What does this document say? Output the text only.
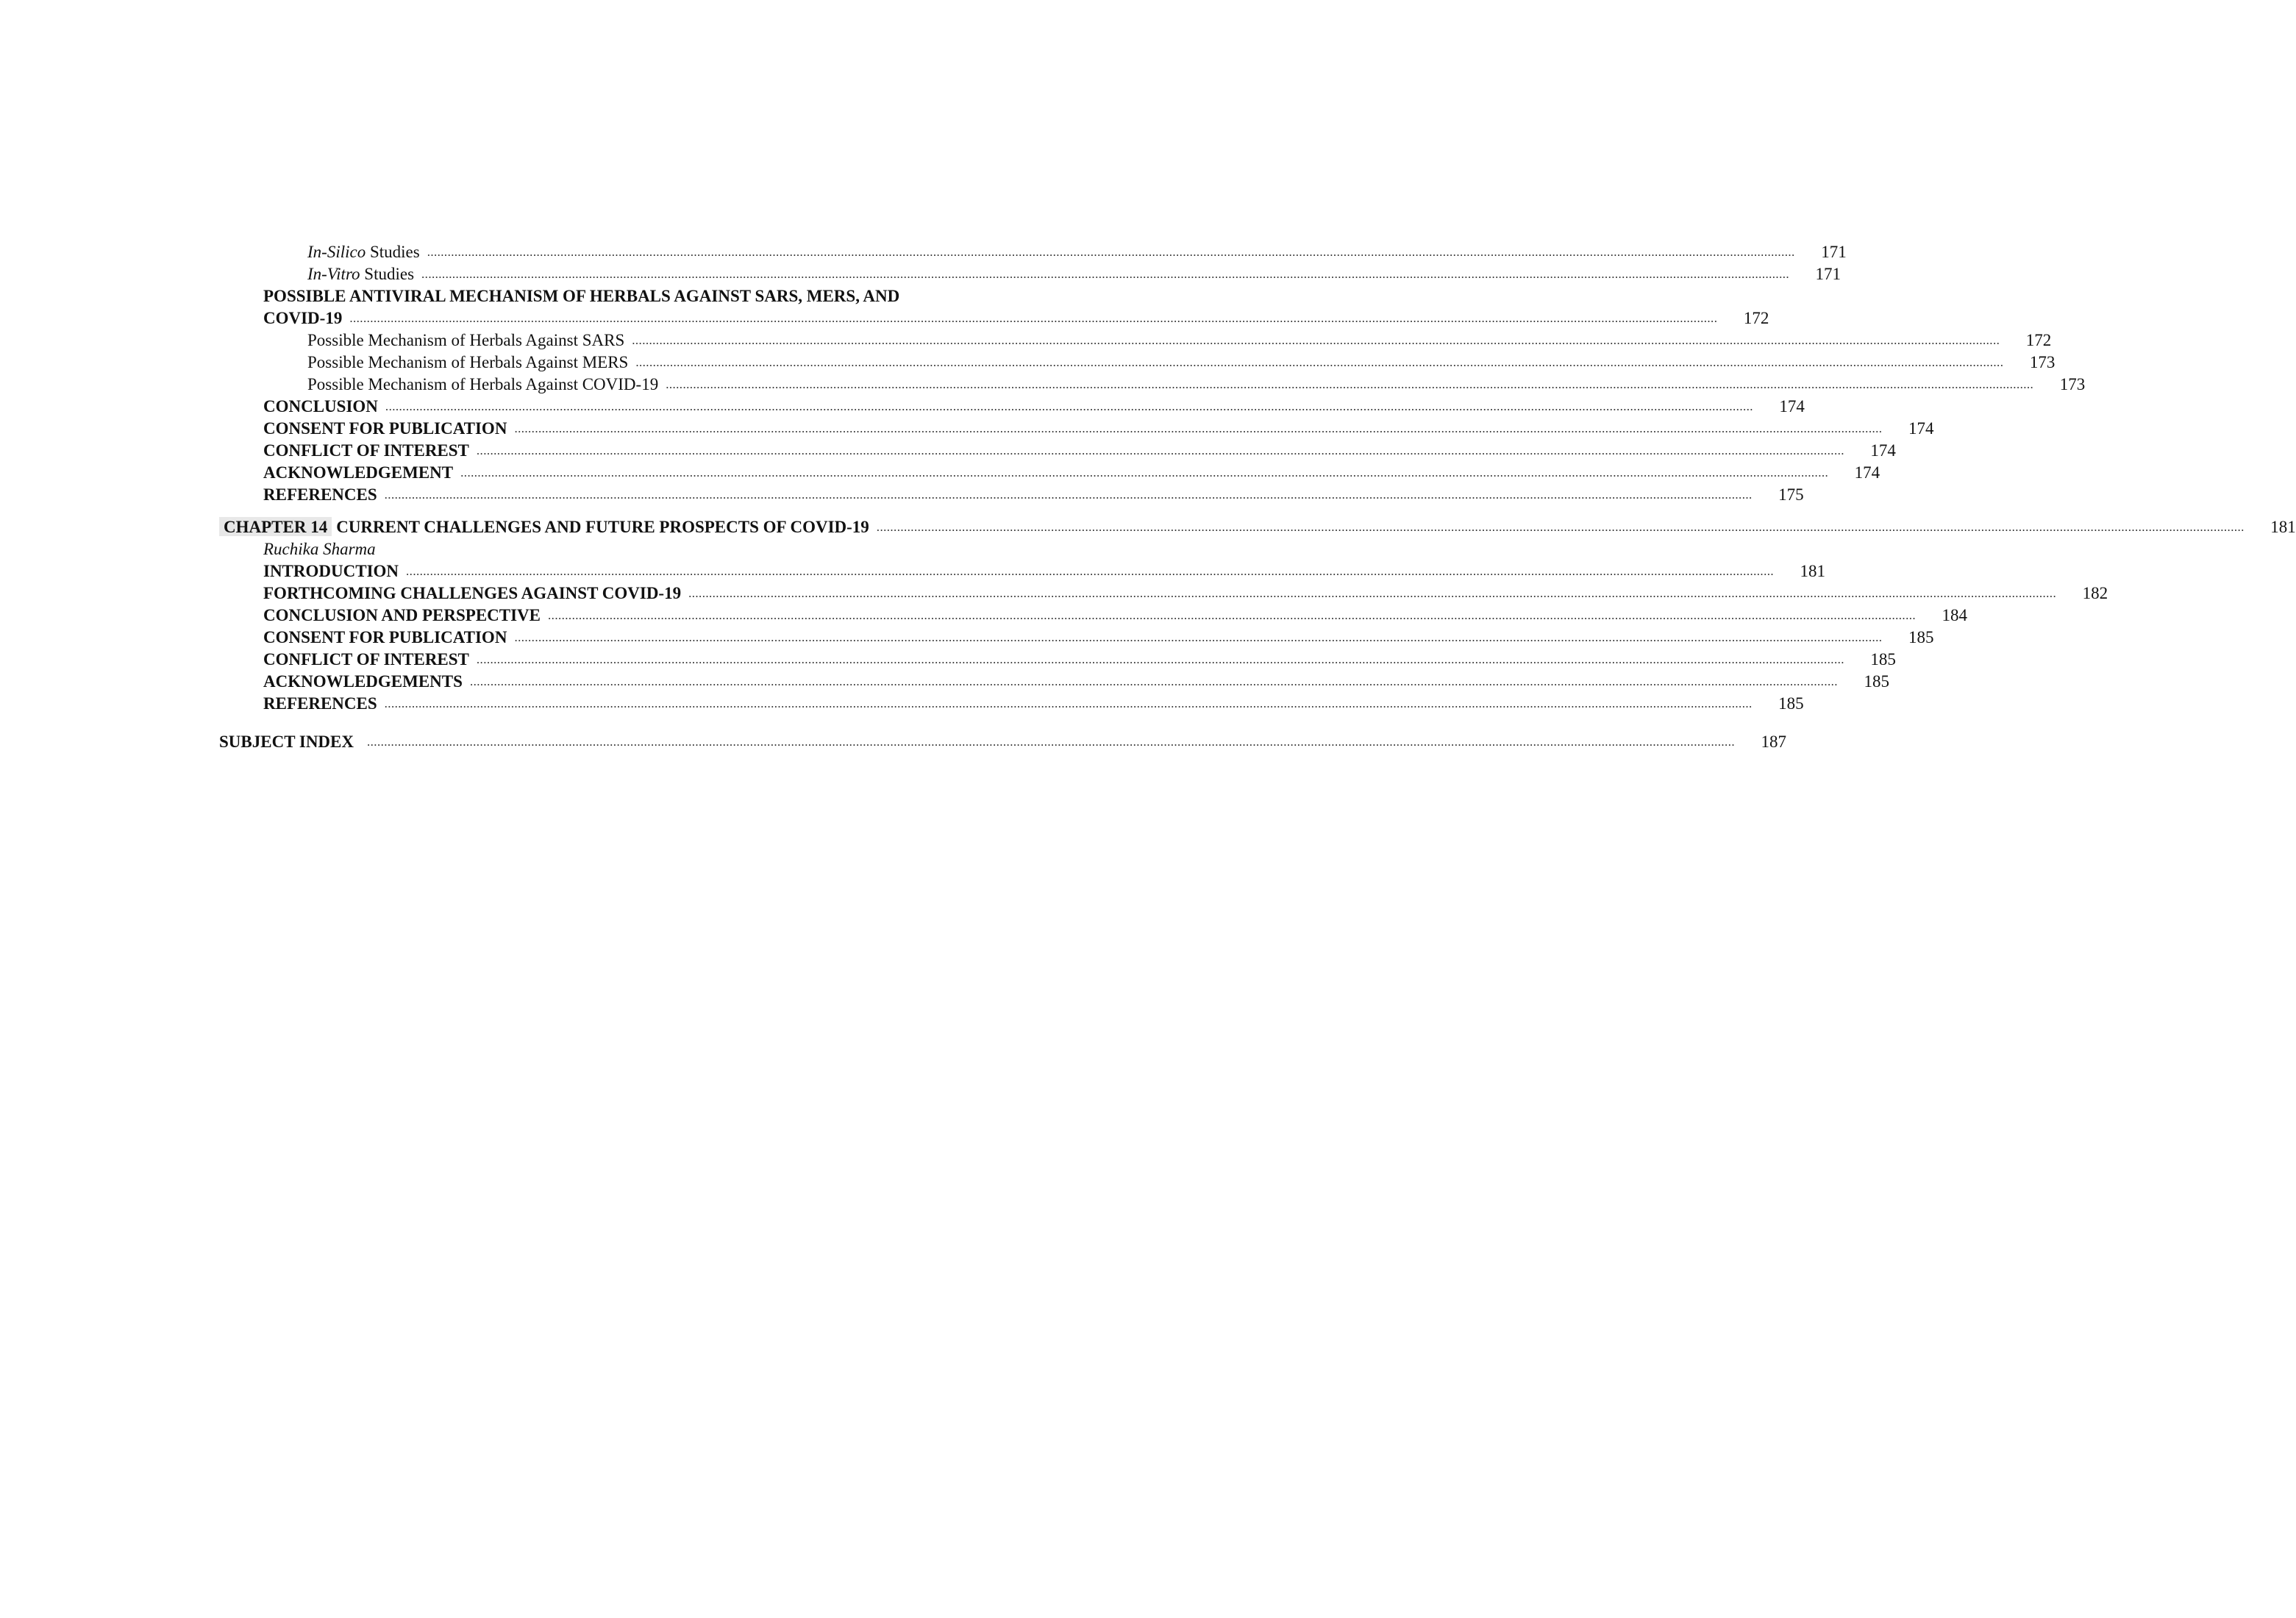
In-Silico Studies ................................................................................................................................................................................................................................................................................................................................................................................................................	171
In-Vitro Studies ................................................................................................................................................................................................................................................................................................................................................................................................................	171
POSSIBLE ANTIVIRAL MECHANISM OF HERBALS AGAINST SARS, MERS, AND
COVID-19 ................................................................................................................................................................................................................................................................................................................................................................................................................	172
Possible Mechanism of Herbals Against SARS ................................................................................................................................................................................................................................................................................................................................................................................................................	172
Possible Mechanism of Herbals Against MERS ................................................................................................................................................................................................................................................................................................................................................................................................................	173
Possible Mechanism of Herbals Against COVID-19 ................................................................................................................................................................................................................................................................................................................................................................................................................	173
CONCLUSION ................................................................................................................................................................................................................................................................................................................................................................................................................	174
CONSENT FOR PUBLICATION ................................................................................................................................................................................................................................................................................................................................................................................................................	174
CONFLICT OF INTEREST ................................................................................................................................................................................................................................................................................................................................................................................................................	174
ACKNOWLEDGEMENT ................................................................................................................................................................................................................................................................................................................................................................................................................	174
REFERENCES ................................................................................................................................................................................................................................................................................................................................................................................................................	175
CHAPTER 14 CURRENT CHALLENGES AND FUTURE PROSPECTS OF COVID-19 ................................................................................................................................................................................................................................................................................................................................................................................................................	181
Ruchika Sharma
INTRODUCTION ................................................................................................................................................................................................................................................................................................................................................................................................................	181
FORTHCOMING CHALLENGES AGAINST COVID-19 ................................................................................................................................................................................................................................................................................................................................................................................................................	182
CONCLUSION AND PERSPECTIVE ................................................................................................................................................................................................................................................................................................................................................................................................................	184
CONSENT FOR PUBLICATION ................................................................................................................................................................................................................................................................................................................................................................................................................	185
CONFLICT OF INTEREST ................................................................................................................................................................................................................................................................................................................................................................................................................	185
ACKNOWLEDGEMENTS ................................................................................................................................................................................................................................................................................................................................................................................................................	185
REFERENCES ................................................................................................................................................................................................................................................................................................................................................................................................................	185
SUBJECT INDEX	................................................................................................................................................................................................................................................................................................................................................................................................................	187
